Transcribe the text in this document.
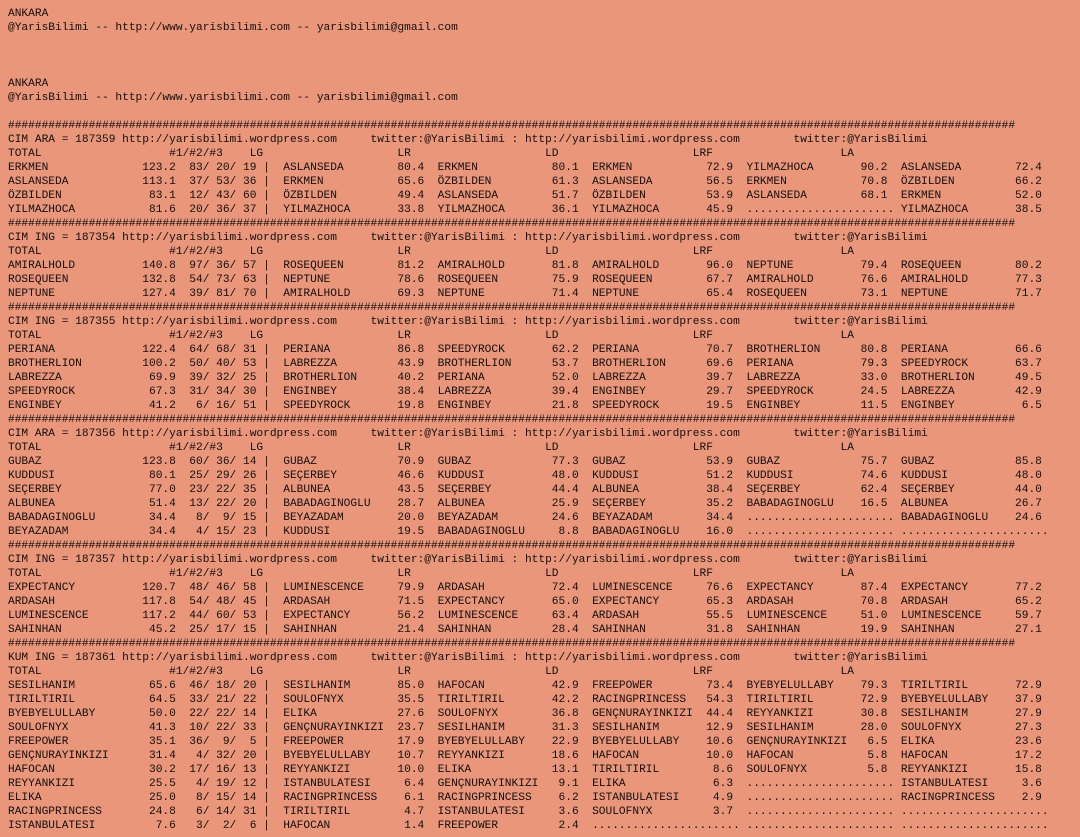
ANKARA
@YarisBilimi -- http://www.yarisbilimi.com -- yarisbilimi@gmail.com
ANKARA
@YarisBilimi -- http://www.yarisbilimi.com -- yarisbilimi@gmail.com
######################################################################################################################################################
CIM ARA = 187359 http://yarisbilimi.wordpress.com     twitter:@YarisBilimi : http://yarisbilimi.wordpress.com        twitter:@YarisBilimi
TOTAL                   #1/#2/#3    LG                    LR                    LD                    LRF                   LA
ERKMEN              123.2  83/ 20/ 19 |  ASLANSEDA        80.4  ERKMEN           80.1  ERKMEN           72.9  YILMAZHOCA       90.2  ASLANSEDA        72.4
ASLANSEDA           113.1  37/ 53/ 36 |  ERKMEN           65.6  ÖZBILDEN         61.3  ASLANSEDA        56.5  ERKMEN           70.8  ÖZBILDEN         66.2
ÖZBILDEN             83.1  12/ 43/ 60 |  ÖZBILDEN         49.4  ASLANSEDA        51.7  ÖZBILDEN         53.9  ASLANSEDA        68.1  ERKMEN           52.0
YILMAZHOCA           81.6  20/ 36/ 37 |  YILMAZHOCA       33.8  YILMAZHOCA       36.1  YILMAZHOCA       45.9  ...................... YILMAZHOCA       38.5
######################################################################################################################################################
CIM ING = 187354 http://yarisbilimi.wordpress.com     twitter:@YarisBilimi : http://yarisbilimi.wordpress.com        twitter:@YarisBilimi
TOTAL                   #1/#2/#3    LG                    LR                    LD                    LRF                   LA
AMIRALHOLD          140.8  97/ 36/ 57 |  ROSEQUEEN        81.2  AMIRALHOLD       81.8  AMIRALHOLD       96.0  NEPTUNE          79.4  ROSEQUEEN        80.2
ROSEQUEEN           132.8  54/ 73/ 63 |  NEPTUNE          78.6  ROSEQUEEN        75.9  ROSEQUEEN        67.7  AMIRALHOLD       76.6  AMIRALHOLD       77.3
NEPTUNE             127.4  39/ 81/ 70 |  AMIRALHOLD       69.3  NEPTUNE          71.4  NEPTUNE          65.4  ROSEQUEEN        73.1  NEPTUNE          71.7
######################################################################################################################################################
CIM ING = 187355 http://yarisbilimi.wordpress.com     twitter:@YarisBilimi : http://yarisbilimi.wordpress.com        twitter:@YarisBilimi
TOTAL                   #1/#2/#3    LG                    LR                    LD                    LRF                   LA
PERIANA             122.4  64/ 68/ 31 |  PERIANA          86.8  SPEEDYROCK       62.2  PERIANA          70.7  BROTHERLION      80.8  PERIANA          66.6
BROTHERLION         100.2  50/ 40/ 53 |  LABREZZA         43.9  BROTHERLION      53.7  BROTHERLION      69.6  PERIANA          79.3  SPEEDYROCK       63.7
LABREZZA             69.9  39/ 32/ 25 |  BROTHERLION      40.2  PERIANA          52.0  LABREZZA         39.7  LABREZZA         33.0  BROTHERLION      49.5
SPEEDYROCK           67.3  31/ 34/ 30 |  ENGINBEY         38.4  LABREZZA         39.4  ENGINBEY         29.7  SPEEDYROCK       24.5  LABREZZA         42.9
ENGINBEY             41.2   6/ 16/ 51 |  SPEEDYROCK       19.8  ENGINBEY         21.8  SPEEDYROCK       19.5  ENGINBEY         11.5  ENGINBEY          6.5
######################################################################################################################################################
CIM ARA = 187356 http://yarisbilimi.wordpress.com     twitter:@YarisBilimi : http://yarisbilimi.wordpress.com        twitter:@YarisBilimi
TOTAL                   #1/#2/#3    LG                    LR                    LD                    LRF                   LA
GUBAZ               123.8  60/ 36/ 14 |  GUBAZ            70.9  GUBAZ            77.3  GUBAZ            53.9  GUBAZ            75.7  GUBAZ            85.8
KUDDUSI              80.1  25/ 29/ 26 |  SEÇERBEY         46.6  KUDDUSI          48.0  KUDDUSI          51.2  KUDDUSI          74.6  KUDDUSI          48.0
SEÇERBEY             77.0  23/ 22/ 35 |  ALBUNEA          43.5  SEÇERBEY         44.4  ALBUNEA          38.4  SEÇERBEY         62.4  SEÇERBEY         44.0
ALBUNEA              51.4  13/ 22/ 20 |  BABADAGINOGLU    28.7  ALBUNEA          25.9  SEÇERBEY         35.2  BABADAGINOGLU    16.5  ALBUNEA          26.7
BABADAGINOGLU        34.4   8/  9/ 15 |  BEYAZADAM        20.0  BEYAZADAM        24.6  BEYAZADAM        34.4  ...................... BABADAGINOGLU    24.6
BEYAZADAM            34.4   4/ 15/ 23 |  KUDDUSI          19.5  BABADAGINOGLU     8.8  BABADAGINOGLU    16.0  ...................... ......................
######################################################################################################################################################
CIM ING = 187357 http://yarisbilimi.wordpress.com     twitter:@YarisBilimi : http://yarisbilimi.wordpress.com        twitter:@YarisBilimi
TOTAL                   #1/#2/#3    LG                    LR                    LD                    LRF                   LA
EXPECTANCY          120.7  48/ 46/ 58 |  LUMINESCENCE     79.9  ARDASAH          72.4  LUMINESCENCE     76.6  EXPECTANCY       87.4  EXPECTANCY       77.2
ARDASAH             117.8  54/ 48/ 45 |  ARDASAH          71.5  EXPECTANCY       65.0  EXPECTANCY       65.3  ARDASAH          70.8  ARDASAH          65.2
LUMINESCENCE        117.2  44/ 60/ 53 |  EXPECTANCY       56.2  LUMINESCENCE     63.4  ARDASAH          55.5  LUMINESCENCE     51.0  LUMINESCENCE     59.7
SAHINHAN             45.2  25/ 17/ 15 |  SAHINHAN         21.4  SAHINHAN         28.4  SAHINHAN         31.8  SAHINHAN         19.9  SAHINHAN         27.1
######################################################################################################################################################
KUM ING = 187361 http://yarisbilimi.wordpress.com     twitter:@YarisBilimi : http://yarisbilimi.wordpress.com        twitter:@YarisBilimi
TOTAL                   #1/#2/#3    LG                    LR                    LD                    LRF                   LA
SESILHANIM           65.6  46/ 18/ 20 |  SESILHANIM       85.0  HAFOCAN          42.9  FREEPOWER        73.4  BYEBYELULLABY    79.3  TIRILTIRIL       72.9
TIRILTIRIL           64.5  33/ 21/ 22 |  SOULOFNYX        35.5  TIRILTIRIL       42.2  RACINGPRINCESS   54.3  TIRILTIRIL       72.9  BYEBYELULLABY    37.9
BYEBYELULLABY        50.0  22/ 22/ 14 |  ELIKA            27.6  SOULOFNYX        36.8  GENÇNURAYINKIZI  44.4  REYYANKIZI       30.8  SESILHANIM       27.9
SOULOFNYX            41.3  10/ 22/ 33 |  GENÇNURAYINKIZI  23.7  SESILHANIM       31.3  SESILHANIM       12.9  SESILHANIM       28.0  SOULOFNYX        27.3
FREEPOWER            35.1  36/  9/  5 |  FREEPOWER        17.9  BYEBYELULLABY    22.9  BYEBYELULLABY    10.6  GENÇNURAYINKIZI   6.5  ELIKA            23.6
GENÇNURAYINKIZI      31.4   4/ 32/ 20 |  BYEBYELULLABY    10.7  REYYANKIZI       18.6  HAFOCAN          10.0  HAFOCAN           5.8  HAFOCAN          17.2
HAFOCAN              30.2  17/ 16/ 13 |  REYYANKIZI       10.0  ELIKA            13.1  TIRILTIRIL        8.6  SOULOFNYX         5.8  REYYANKIZI       15.8
REYYANKIZI           25.5   4/ 19/ 12 |  ISTANBULATESI     6.4  GENÇNURAYINKIZI   9.1  ELIKA             6.3  ...................... ISTANBULATESI     3.6
ELIKA                25.0   8/ 15/ 14 |  RACINGPRINCESS    6.1  RACINGPRINCESS    6.2  ISTANBULATESI     4.9  ...................... RACINGPRINCESS    2.9
RACINGPRINCESS       24.8   6/ 14/ 31 |  TIRILTIRIL        4.7  ISTANBULATESI     3.6  SOULOFNYX         3.7  ...................... ......................
ISTANBULATESI         7.6   3/  2/  6 |  HAFOCAN           1.4  FREEPOWER         2.4  ...................... ...................... ......................
